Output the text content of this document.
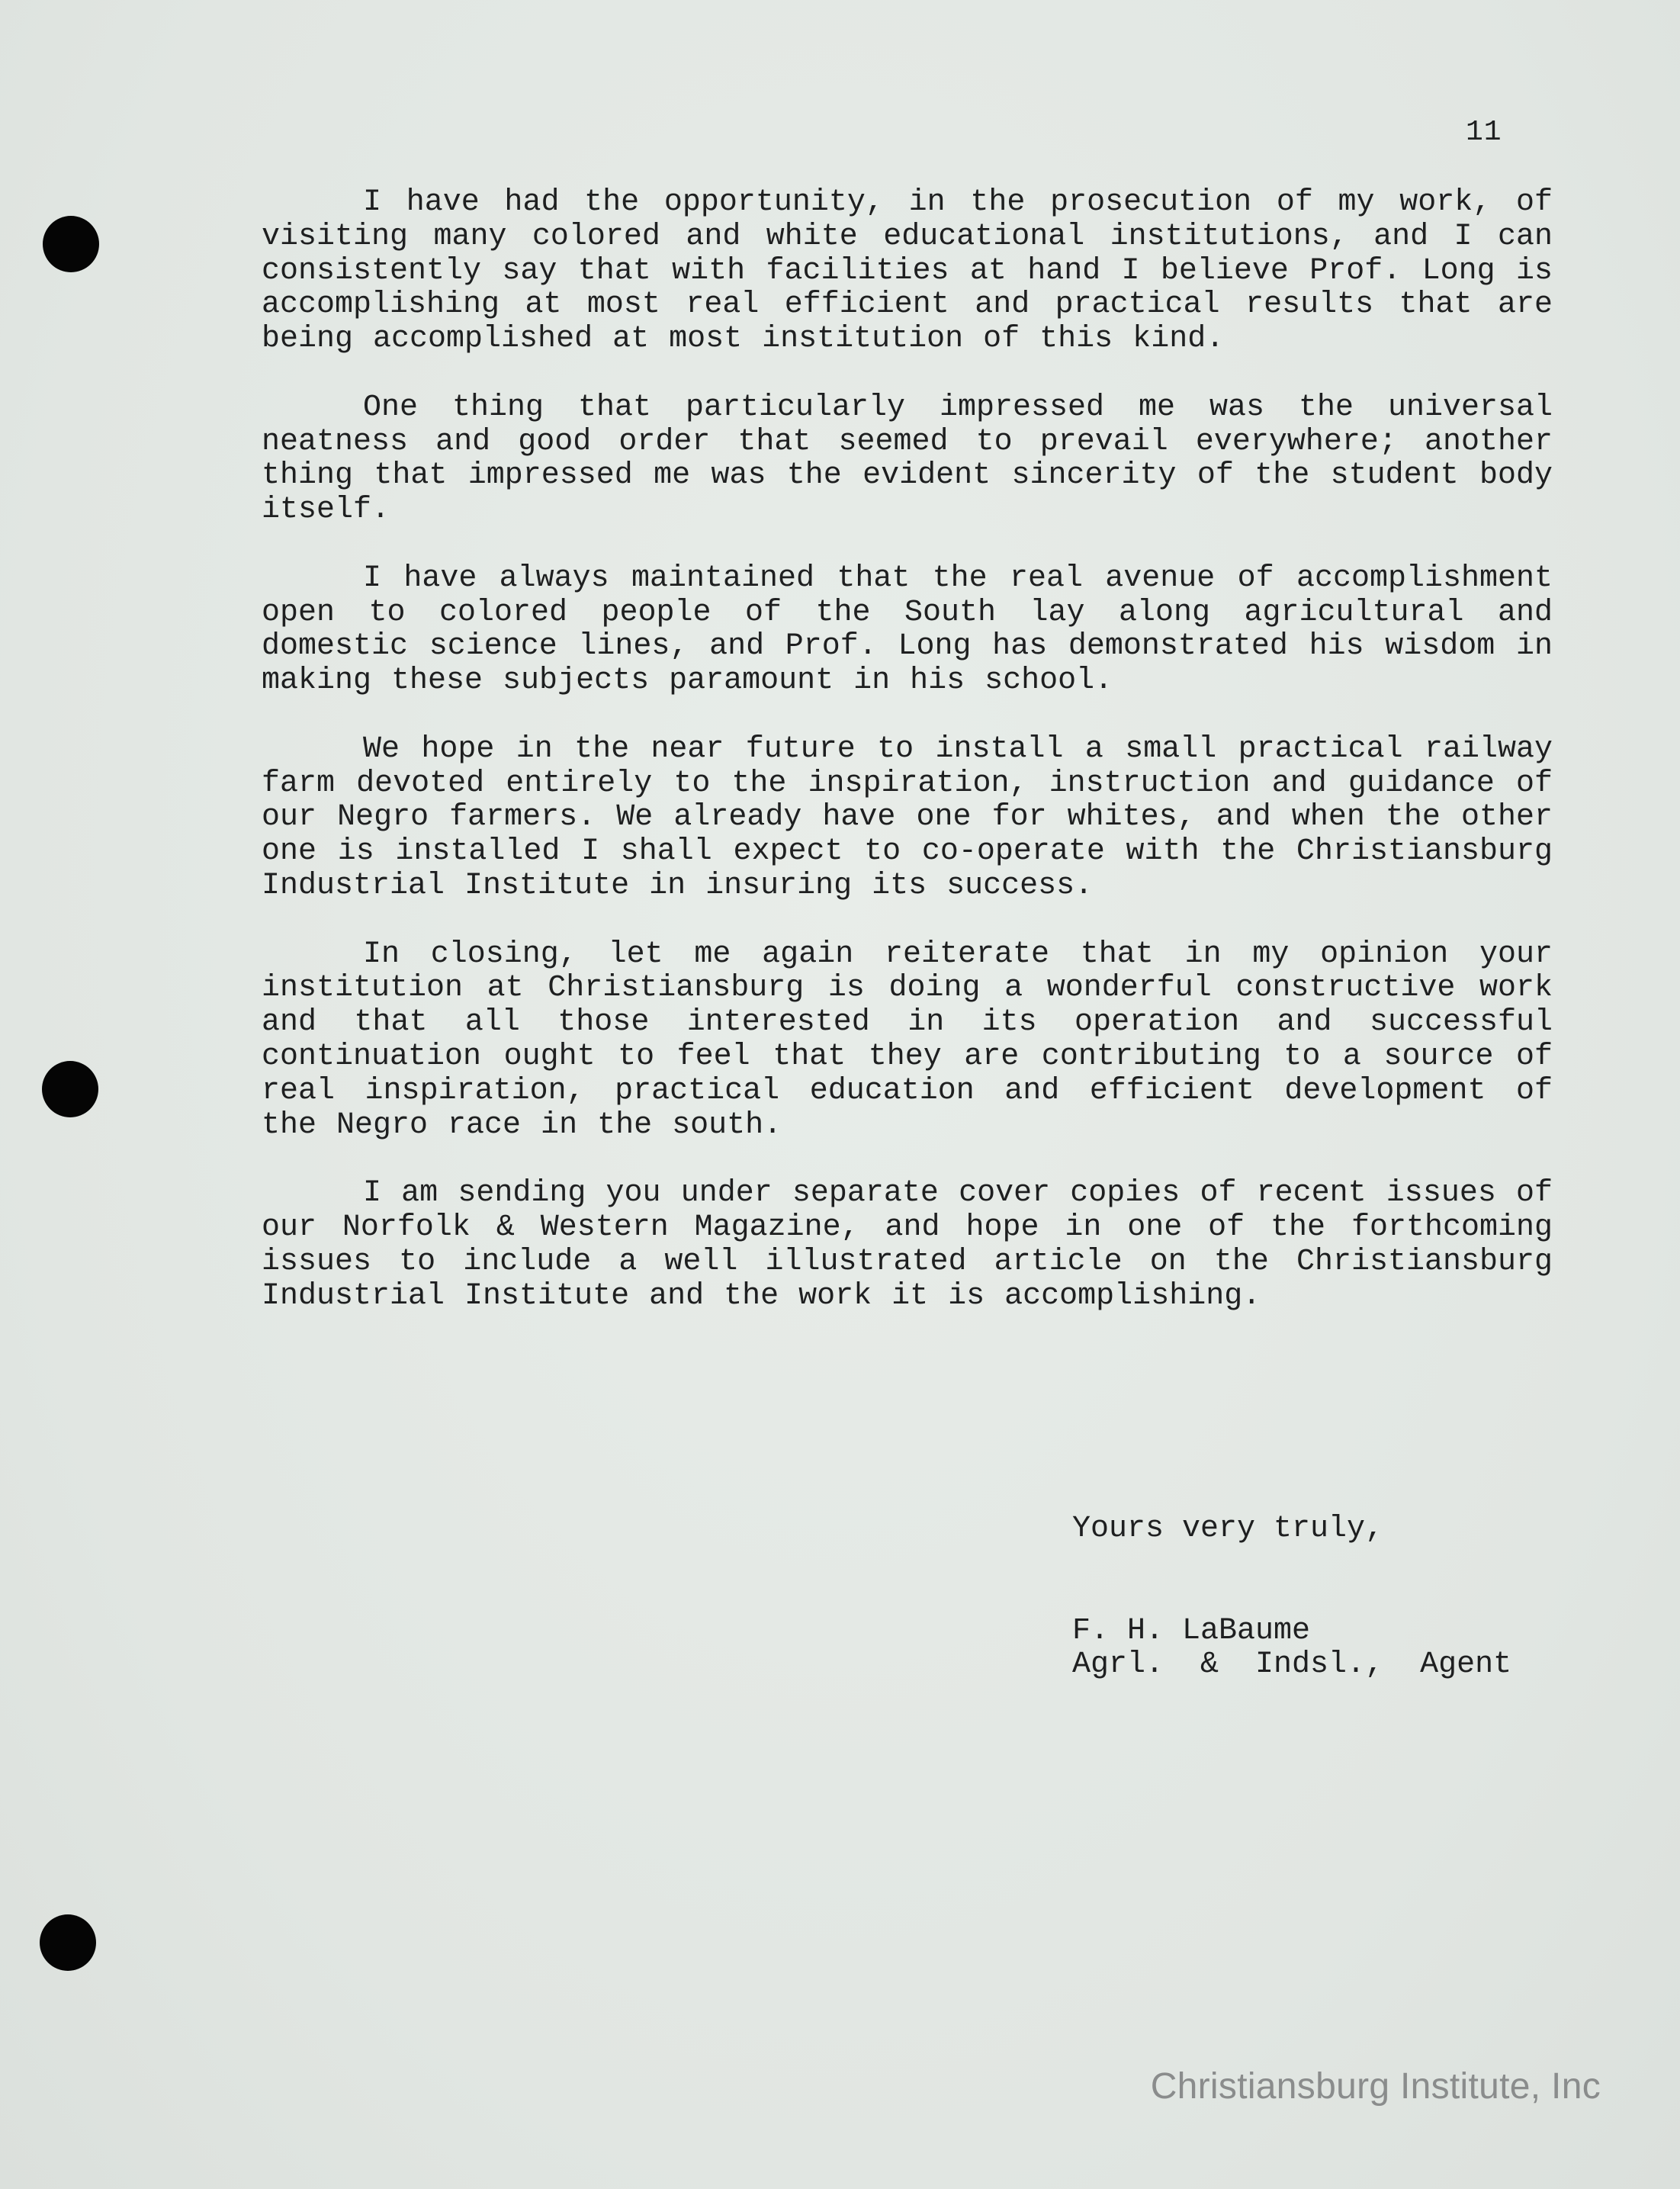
11

I have had the opportunity, in the prosecution of my work, of visiting many colored and white educational institutions, and I can consistently say that with facilities at hand I believe Prof. Long is accomplishing at most real efficient and practical results that are being accomplished at most institution of this kind.

One thing that particularly impressed me was the universal neatness and good order that seemed to prevail everywhere; another thing that impressed me was the evident sincerity of the student body itself.

I have always maintained that the real avenue of accomplishment open to colored people of the South lay along agricultural and domestic science lines, and Prof. Long has demonstrated his wisdom in making these subjects paramount in his school.

We hope in the near future to install a small practical railway farm devoted entirely to the inspiration, instruction and guidance of our Negro farmers. We already have one for whites, and when the other one is installed I shall expect to co-operate with the Christiansburg Industrial Institute in insuring its success.

In closing, let me again reiterate that in my opinion your institution at Christiansburg is doing a wonderful constructive work and that all those interested in its operation and successful continuation ought to feel that they are contributing to a source of real inspiration, practical education and efficient development of the Negro race in the south.

I am sending you under separate cover copies of recent issues of our Norfolk & Western Magazine, and hope in one of the forthcoming issues to include a well illustrated article on the Christiansburg Industrial Institute and the work it is accomplishing.

Yours very truly,
F. H. LaBaume
Agrl.  &  Indsl.,  Agent
Christiansburg Institute, Inc
